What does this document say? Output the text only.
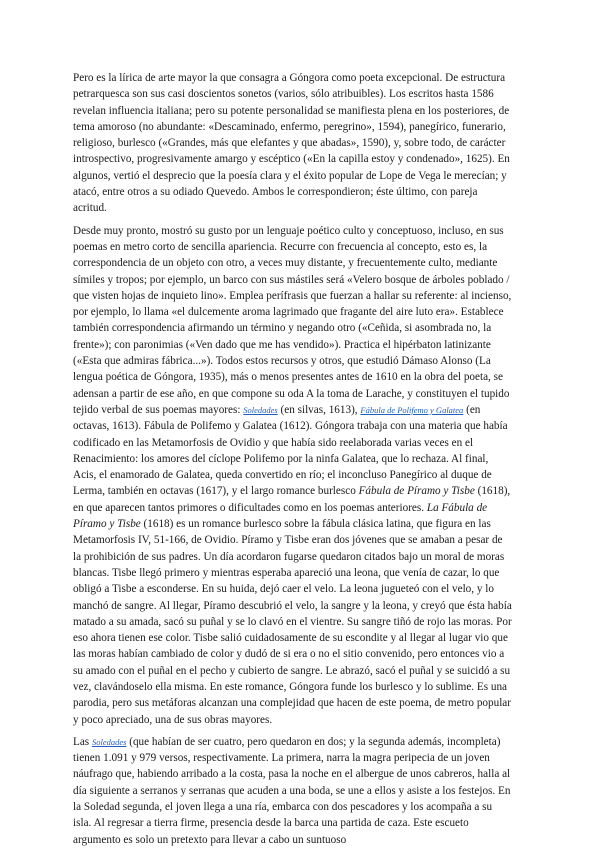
Pero es la lírica de arte mayor la que consagra a Góngora como poeta excepcional. De estructura petrarquesca son sus casi doscientos sonetos (varios, sólo atribuibles). Los escritos hasta 1586 revelan influencia italiana; pero su potente personalidad se manifiesta plena en los posteriores, de tema amoroso (no abundante: «Descaminado, enfermo, peregrino», 1594), panegírico, funerario, religioso, burlesco («Grandes, más que elefantes y que abadas», 1590), y, sobre todo, de carácter introspectivo, progresivamente amargo y escéptico («En la capilla estoy y condenado», 1625). En algunos, vertió el desprecio que la poesía clara y el éxito popular de Lope de Vega le merecían; y atacó, entre otros a su odiado Quevedo. Ambos le correspondieron; éste último, con pareja acritud.

Desde muy pronto, mostró su gusto por un lenguaje poético culto y conceptuoso, incluso, en sus poemas en metro corto de sencilla apariencia. Recurre con frecuencia al concepto, esto es, la correspondencia de un objeto con otro, a veces muy distante, y frecuentemente culto, mediante símiles y tropos; por ejemplo, un barco con sus mástiles será «Velero bosque de árboles poblado / que visten hojas de inquieto lino». Emplea perífrasis que fuerzan a hallar su referente: al incienso, por ejemplo, lo llama «el dulcemente aroma lagrimado que fragante del aire luto era». Establece también correspondencia afirmando un término y negando otro («Ceñida, si asombrada no, la frente»); con paronimias («Ven dado que me has vendido»). Practica el hipérbaton latinizante («Esta que admiras fábrica...»). Todos estos recursos y otros, que estudió Dámaso Alonso (La lengua poética de Góngora, 1935), más o menos presentes antes de 1610 en la obra del poeta, se adensan a partir de ese año, en que compone su oda A la toma de Larache, y constituyen el tupido tejido verbal de sus poemas mayores: Soledades (en silvas, 1613), Fábula de Polifemo y Galatea (en octavas, 1613). Fábula de Polifemo y Galatea (1612). Góngora trabaja con una materia que había codificado en las Metamorfosis de Ovidio y que había sido reelaborada varias veces en el Renacimiento: los amores del cíclope Polifemo por la ninfa Galatea, que lo rechaza. Al final, Acis, el enamorado de Galatea, queda convertido en río; el inconcluso Panegírico al duque de Lerma, también en octavas (1617), y el largo romance burlesco Fábula de Píramo y Tisbe (1618), en que aparecen tantos primores o dificultades como en los poemas anteriores. La Fábula de Píramo y Tisbe (1618) es un romance burlesco sobre la fábula clásica latina, que figura en las Metamorfosis IV, 51-166, de Ovidio. Píramo y Tisbe eran dos jóvenes que se amaban a pesar de la prohibición de sus padres. Un día acordaron fugarse quedaron citados bajo un moral de moras blancas. Tisbe llegó primero y mientras esperaba apareció una leona, que venía de cazar, lo que obligó a Tisbe a esconderse. En su huida, dejó caer el velo. La leona jugueteó con el velo, y lo manchó de sangre. Al llegar, Píramo descubrió el velo, la sangre y la leona, y creyó que ésta había matado a su amada, sacó su puñal y se lo clavó en el vientre. Su sangre tiñó de rojo las moras. Por eso ahora tienen ese color. Tisbe salió cuidadosamente de su escondite y al llegar al lugar vio que las moras habían cambiado de color y dudó de si era o no el sitio convenido, pero entonces vio a su amado con el puñal en el pecho y cubierto de sangre. Le abrazó, sacó el puñal y se suicidó a su vez, clavándoselo ella misma. En este romance, Góngora funde los burlesco y lo sublime. Es una parodia, pero sus metáforas alcanzan una complejidad que hacen de este poema, de metro popular y poco apreciado, una de sus obras mayores.

Las Soledades (que habían de ser cuatro, pero quedaron en dos; y la segunda además, incompleta) tienen 1.091 y 979 versos, respectivamente. La primera, narra la magra peripecia de un joven náufrago que, habiendo arribado a la costa, pasa la noche en el albergue de unos cabreros, halla al día siguiente a serranos y serranas que acuden a una boda, se une a ellos y asiste a los festejos. En la Soledad segunda, el joven llega a una ría, embarca con dos pescadores y los acompaña a su isla. Al regresar a tierra firme, presencia desde la barca una partida de caza. Este escueto argumento es solo un pretexto para llevar a cabo un suntuoso
